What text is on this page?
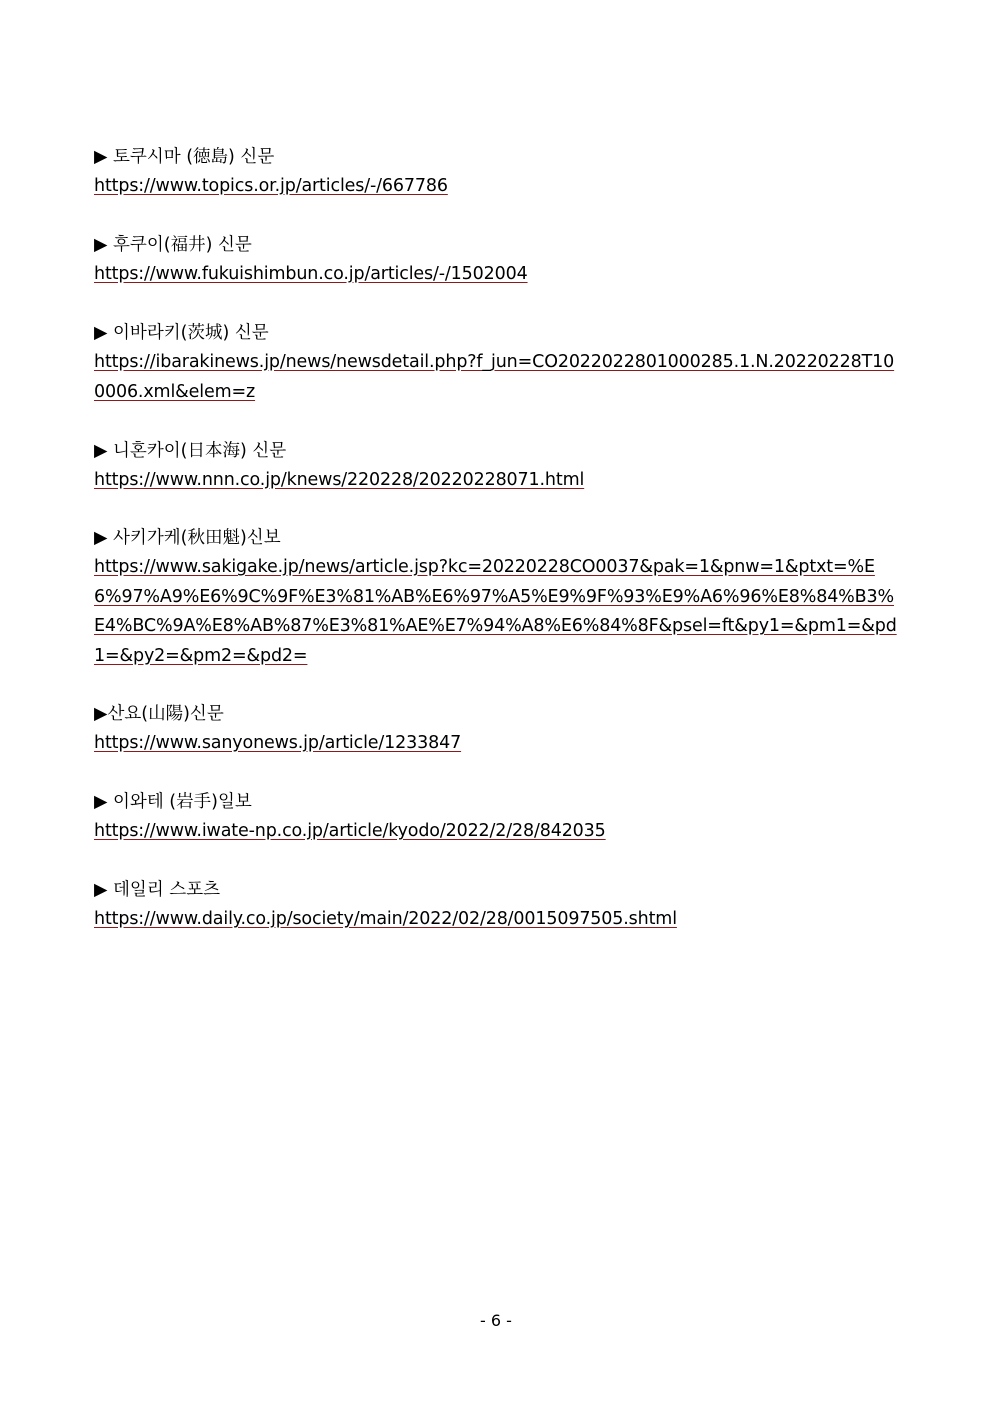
▶ 토쿠시마 (徳島) 신문
https://www.topics.or.jp/articles/-/667786
▶ 후쿠이(福井) 신문
https://www.fukuishimbun.co.jp/articles/-/1502004
▶ 이바라키(茨城) 신문
https://ibarakinews.jp/news/newsdetail.php?f_jun=CO2022022801000285.1.N.20220228T100006.xml&elem=z
▶ 니혼카이(日本海) 신문
https://www.nnn.co.jp/knews/220228/20220228071.html
▶ 사키가케(秋田魁)신보
https://www.sakigake.jp/news/article.jsp?kc=20220228CO0037&pak=1&pnw=1&ptxt=%E6%97%A9%E6%9C%9F%E3%81%AB%E6%97%A5%E9%9F%93%E9%A6%96%E8%84%B3%E4%BC%9A%E8%AB%87%E3%81%AE%E7%94%A8%E6%84%8F&psel=ft&py1=&pm1=&pd1=&py2=&pm2=&pd2=
▶산요(山陽)신문
https://www.sanyonews.jp/article/1233847
▶ 이와테 (岩手)일보
https://www.iwate-np.co.jp/article/kyodo/2022/2/28/842035
▶ 데일리 스포츠
https://www.daily.co.jp/society/main/2022/02/28/0015097505.shtml
- 6 -
